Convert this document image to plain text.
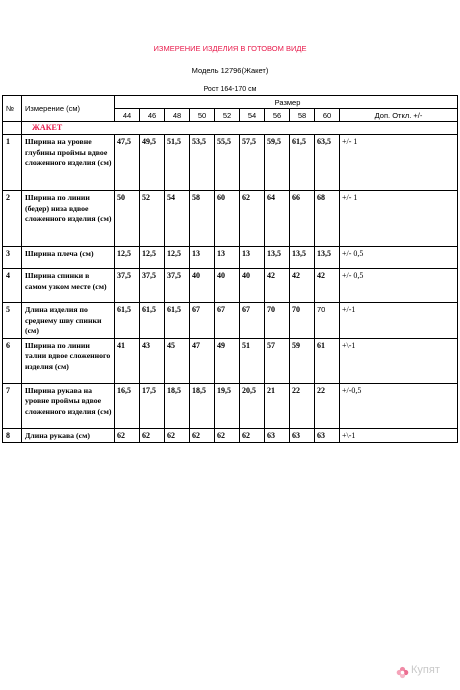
ИЗМЕРЕНИЕ ИЗДЕЛИЯ В ГОТОВОМ ВИДЕ
Модель 12796(Жакет)
Рост 164-170 см
№	Измерение (см)	Размер									
		44	46	48	50	52	54	56	58	60	Доп. Откл. +/-
	ЖАКЕТ										
1	Ширина на уровне глубины проймы вдвое сложенного изделия (см)	47,5	49,5	51,5	53,5	55,5	57,5	59,5	61,5	63,5	+/- 1
2	Ширина по линии (бедер) низа вдвое сложенного изделия (см)	50	52	54	58	60	62	64	66	68	+/- 1
3	Ширина плеча (см)	12,5	12,5	12,5	13	13	13	13,5	13,5	13,5	+/- 0,5
4	Ширина спинки в самом узком месте (см)	37,5	37,5	37,5	40	40	40	42	42	42	+/- 0,5
5	Длина изделия по среднему шву спинки (см)	61,5	61,5	61,5	67	67	67	70	70	70	+/-1
6	Ширина по линии талии вдвое сложенного изделия (см)	41	43	45	47	49	51	57	59	61	+\-1
7	Ширина рукава на уровне проймы вдвое сложенного изделия (см)	16,5	17,5	18,5	18,5	19,5	20,5	21	22	22	+/-0,5
8	Длина рукава (см)	62	62	62	62	62	62	63	63	63	+\-1
Купят
